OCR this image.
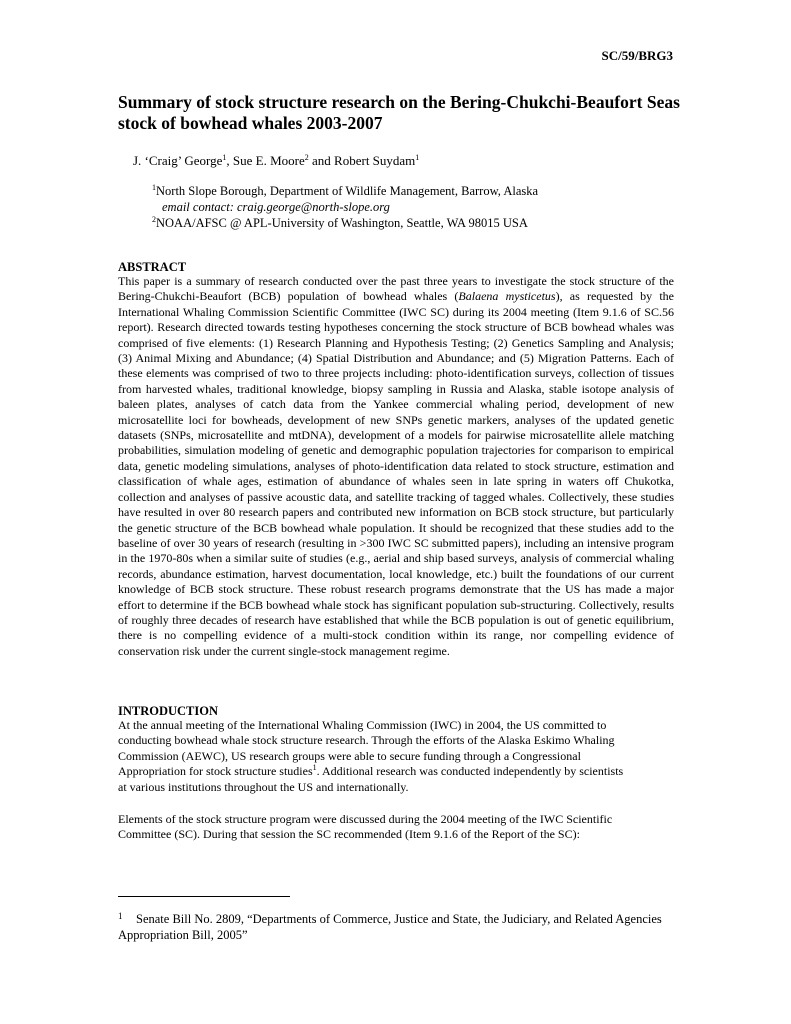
SC/59/BRG3
Summary of stock structure research on the Bering-Chukchi-Beaufort Seas stock of bowhead whales 2003-2007
J. ‘Craig’ George$^1$, Sue E. Moore$^2$ and Robert Suydam$^1$
$^1$North Slope Borough, Department of Wildlife Management, Barrow, Alaska
email contact: craig.george@north-slope.org
$^2$NOAA/AFSC @ APL-University of Washington, Seattle, WA 98015 USA
ABSTRACT

This paper is a summary of research conducted over the past three years to investigate the stock structure of the Bering-Chukchi-Beaufort (BCB) population of bowhead whales (Balaena mysticetus), as requested by the International Whaling Commission Scientific Committee (IWC SC) during its 2004 meeting (Item 9.1.6 of SC.56 report). Research directed towards testing hypotheses concerning the stock structure of BCB bowhead whales was comprised of five elements: (1) Research Planning and Hypothesis Testing; (2) Genetics Sampling and Analysis; (3) Animal Mixing and Abundance; (4) Spatial Distribution and Abundance; and (5) Migration Patterns. Each of these elements was comprised of two to three projects including: photo-identification surveys, collection of tissues from harvested whales, traditional knowledge, biopsy sampling in Russia and Alaska, stable isotope analysis of baleen plates, analyses of catch data from the Yankee commercial whaling period, development of new microsatellite loci for bowheads, development of new SNPs genetic markers, analyses of the updated genetic datasets (SNPs, microsatellite and mtDNA), development of a models for pairwise microsatellite allele matching probabilities, simulation modeling of genetic and demographic population trajectories for comparison to empirical data, genetic modeling simulations, analyses of photo-identification data related to stock structure, estimation and classification of whale ages, estimation of abundance of whales seen in late spring in waters off Chukotka, collection and analyses of passive acoustic data, and satellite tracking of tagged whales. Collectively, these studies have resulted in over 80 research papers and contributed new information on BCB stock structure, but particularly the genetic structure of the BCB bowhead whale population. It should be recognized that these studies add to the baseline of over 30 years of research (resulting in >300 IWC SC submitted papers), including an intensive program in the 1970-80s when a similar suite of studies (e.g., aerial and ship based surveys, analysis of commercial whaling records, abundance estimation, harvest documentation, local knowledge, etc.) built the foundations of our current knowledge of BCB stock structure. These robust research programs demonstrate that the US has made a major effort to determine if the BCB bowhead whale stock has significant population sub-structuring. Collectively, results of roughly three decades of research have established that while the BCB population is out of genetic equilibrium, there is no compelling evidence of a multi-stock condition within its range, nor compelling evidence of conservation risk under the current single-stock management regime.

INTRODUCTION

At the annual meeting of the International Whaling Commission (IWC) in 2004, the US committed to
conducting bowhead whale stock structure research. Through the efforts of the Alaska Eskimo Whaling
Commission (AEWC), US research groups were able to secure funding through a Congressional
Appropriation for stock structure studies$^1$. Additional research was conducted independently by scientists
at various institutions throughout the US and internationally.

Elements of the stock structure program were discussed during the 2004 meeting of the IWC Scientific
Committee (SC). During that session the SC recommended (Item 9.1.6 of the Report of the SC):

1 Senate Bill No. 2809, “Departments of Commerce, Justice and State, the Judiciary, and Related Agencies
Appropriation Bill, 2005”
